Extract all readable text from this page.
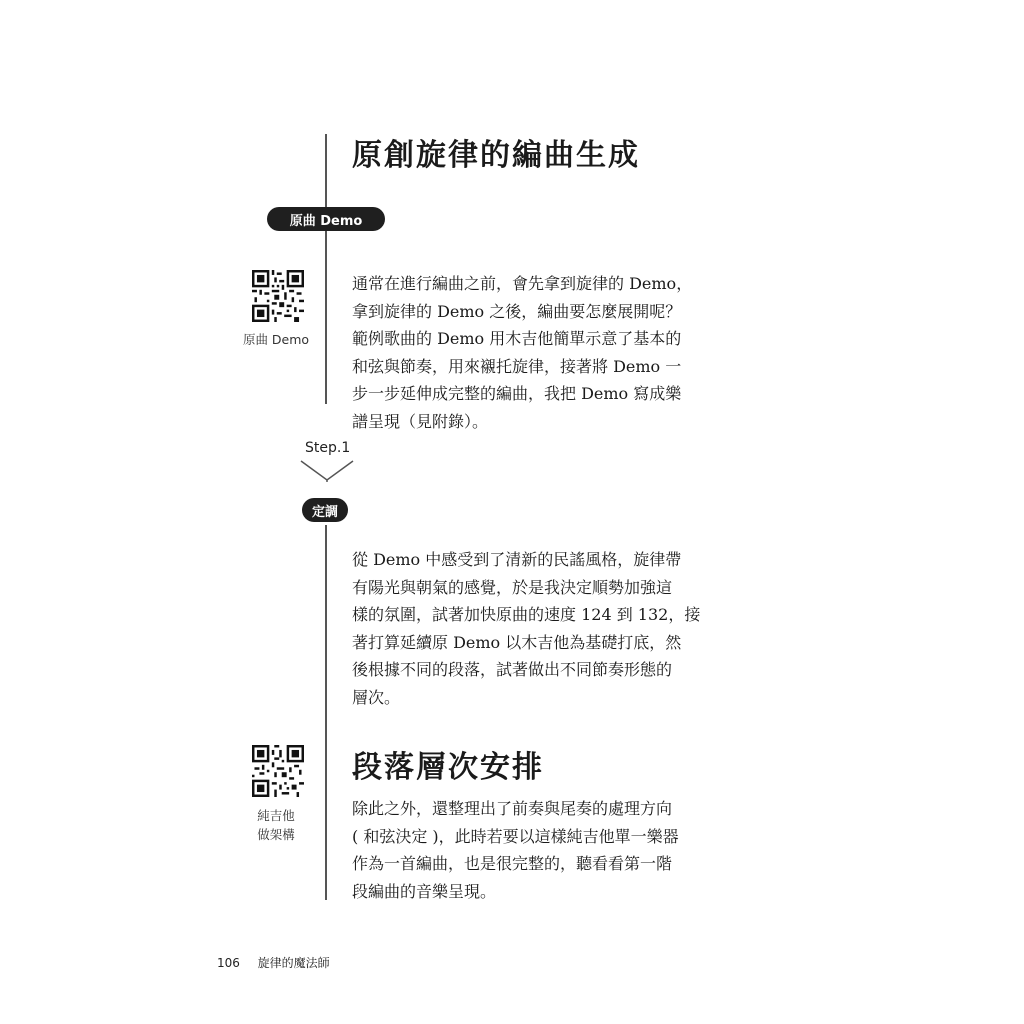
原創旋律的編曲生成
原曲 Demo
原曲 Demo
通常在進行編曲之前，會先拿到旋律的 Demo，
拿到旋律的 Demo 之後，編曲要怎麼展開呢？
範例歌曲的 Demo 用木吉他簡單示意了基本的
和弦與節奏，用來襯托旋律，接著將 Demo 一
步一步延伸成完整的編曲，我把 Demo 寫成樂
譜呈現（見附錄）。
Step.1
定調
從 Demo 中感受到了清新的民謠風格，旋律帶
有陽光與朝氣的感覺，於是我決定順勢加強這
樣的氛圍，試著加快原曲的速度 124 到 132，接
著打算延續原 Demo 以木吉他為基礎打底，然
後根據不同的段落，試著做出不同節奏形態的
層次。
段落層次安排
純吉他
做架構
除此之外，還整理出了前奏與尾奏的處理方向
( 和弦決定 )，此時若要以這樣純吉他單一樂器
作為一首編曲，也是很完整的，聽看看第一階
段編曲的音樂呈現。
106 旋律的魔法師
